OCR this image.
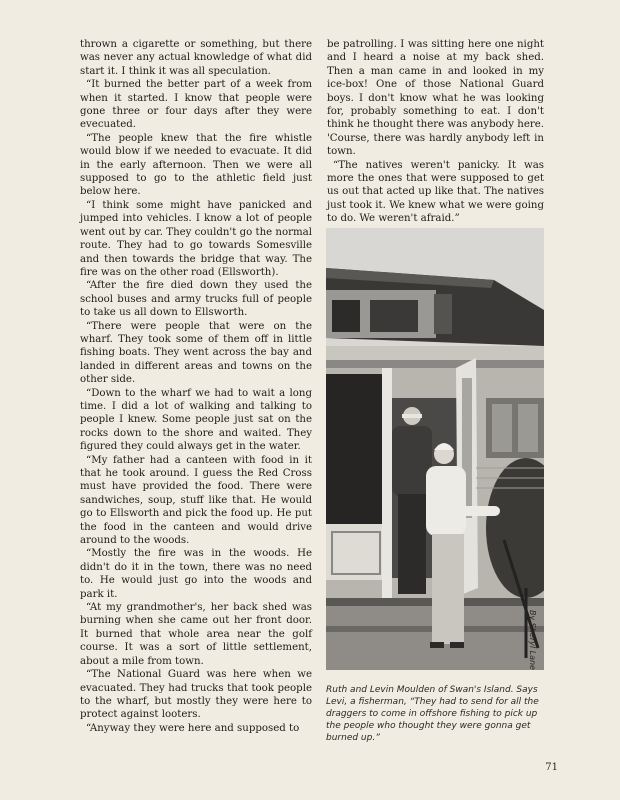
thrown a cigarette or something, but there was never any actual knowledge of what did start it. I think it was all speculation.

“It burned the better part of a week from when it started. I know that people were gone three or four days after they were evecuated.

“The people knew that the fire whistle would blow if we needed to evacuate. It did in the early afternoon. Then we were all supposed to go to the athletic field just below here.

“I think some might have panicked and jumped into vehicles. I know a lot of people went out by car. They couldn't go the normal route. They had to go towards Somesville and then towards the bridge that way. The fire was on the other road (Ellsworth).

“After the fire died down they used the school buses and army trucks full of people to take us all down to Ellsworth.

“There were people that were on the wharf. They took some of them off in little fishing boats. They went across the bay and landed in different areas and towns on the other side.

“Down to the wharf we had to wait a long time. I did a lot of walking and talking to people I knew. Some people just sat on the rocks down to the shore and waited. They figured they could always get in the water.

“My father had a canteen with food in it that he took around. I guess the Red Cross must have provided the food. There were sandwiches, soup, stuff like that. He would go to Ellsworth and pick the food up. He put the food in the canteen and would drive around to the woods.

“Mostly the fire was in the woods. He didn't do it in the town, there was no need to. He would just go into the woods and park it.

“At my grandmother's, her back shed was burning when she came out her front door. It burned that whole area near the golf course. It was a sort of little settlement, about a mile from town.

“The National Guard was here when we evacuated. They had trucks that took people to the wharf, but mostly they were here to protect against looters.

“Anyway they were here and supposed to

be patrolling. I was sitting here one night and I heard a noise at my back shed. Then a man came in and looked in my ice-box! One of those National Guard boys. I don't know what he was looking for, probably something to eat. I don't think he thought there was anybody here. 'Course, there was hardly anybody left in town.

“The natives weren't panicky. It was more the ones that were supposed to get us out that acted up like that. The natives just took it. We knew what we were going to do. We weren't afraid.”

By Sheryl Lane
Ruth and Levin Moulden of Swan's Island. Says Levi, a fisherman, “They had to send for all the draggers to come in offshore fishing to pick up the people who thought they were gonna get burned up.”
71
